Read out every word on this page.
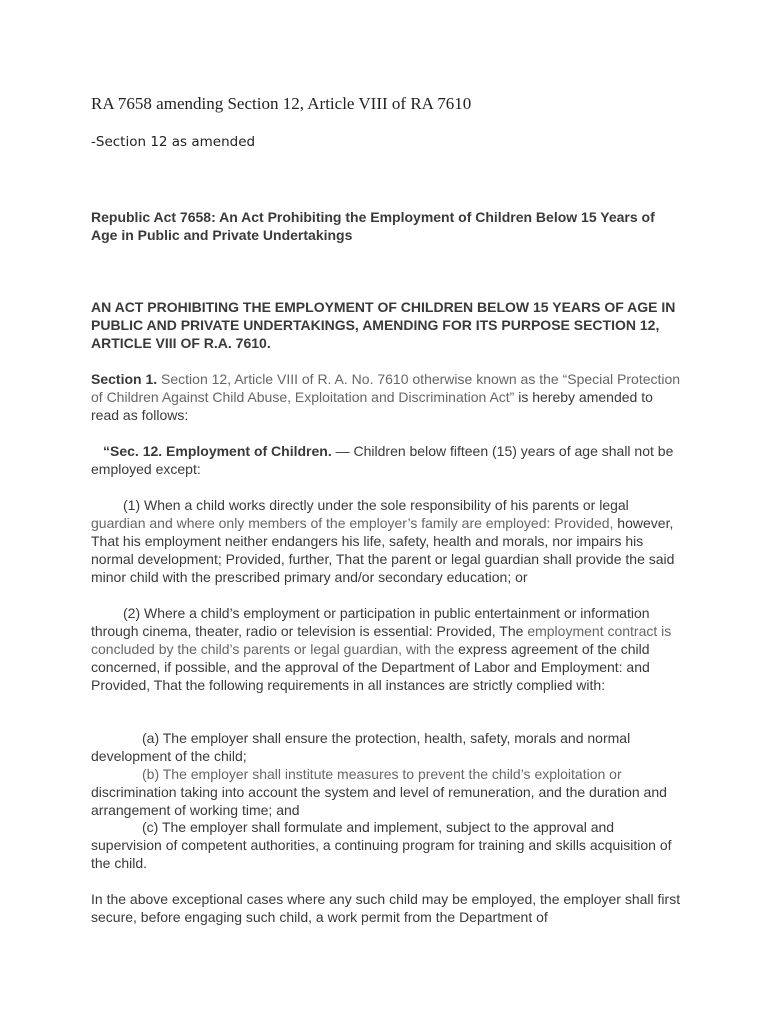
RA 7658 amending Section 12, Article VIII of RA 7610
-Section 12 as amended
Republic Act 7658: An Act Prohibiting the Employment of Children Below 15 Years of Age in Public and Private Undertakings
AN ACT PROHIBITING THE EMPLOYMENT OF CHILDREN BELOW 15 YEARS OF AGE IN PUBLIC AND PRIVATE UNDERTAKINGS, AMENDING FOR ITS PURPOSE SECTION 12, ARTICLE VIII OF R.A. 7610.
Section 1. Section 12, Article VIII of R. A. No. 7610 otherwise known as the “Special Protection of Children Against Child Abuse, Exploitation and Discrimination Act” is hereby amended to read as follows:
“Sec. 12. Employment of Children. — Children below fifteen (15) years of age shall not be employed except:
(1) When a child works directly under the sole responsibility of his parents or legal guardian and where only members of the employer’s family are employed: Provided, however, That his employment neither endangers his life, safety, health and morals, nor impairs his normal development; Provided, further, That the parent or legal guardian shall provide the said minor child with the prescribed primary and/or secondary education; or
(2) Where a child’s employment or participation in public entertainment or information through cinema, theater, radio or television is essential: Provided, The employment contract is concluded by the child’s parents or legal guardian, with the express agreement of the child concerned, if possible, and the approval of the Department of Labor and Employment: and Provided, That the following requirements in all instances are strictly complied with:
(a) The employer shall ensure the protection, health, safety, morals and normal development of the child;
(b) The employer shall institute measures to prevent the child’s exploitation or discrimination taking into account the system and level of remuneration, and the duration and arrangement of working time; and
(c) The employer shall formulate and implement, subject to the approval and supervision of competent authorities, a continuing program for training and skills acquisition of the child.
In the above exceptional cases where any such child may be employed, the employer shall first secure, before engaging such child, a work permit from the Department of
